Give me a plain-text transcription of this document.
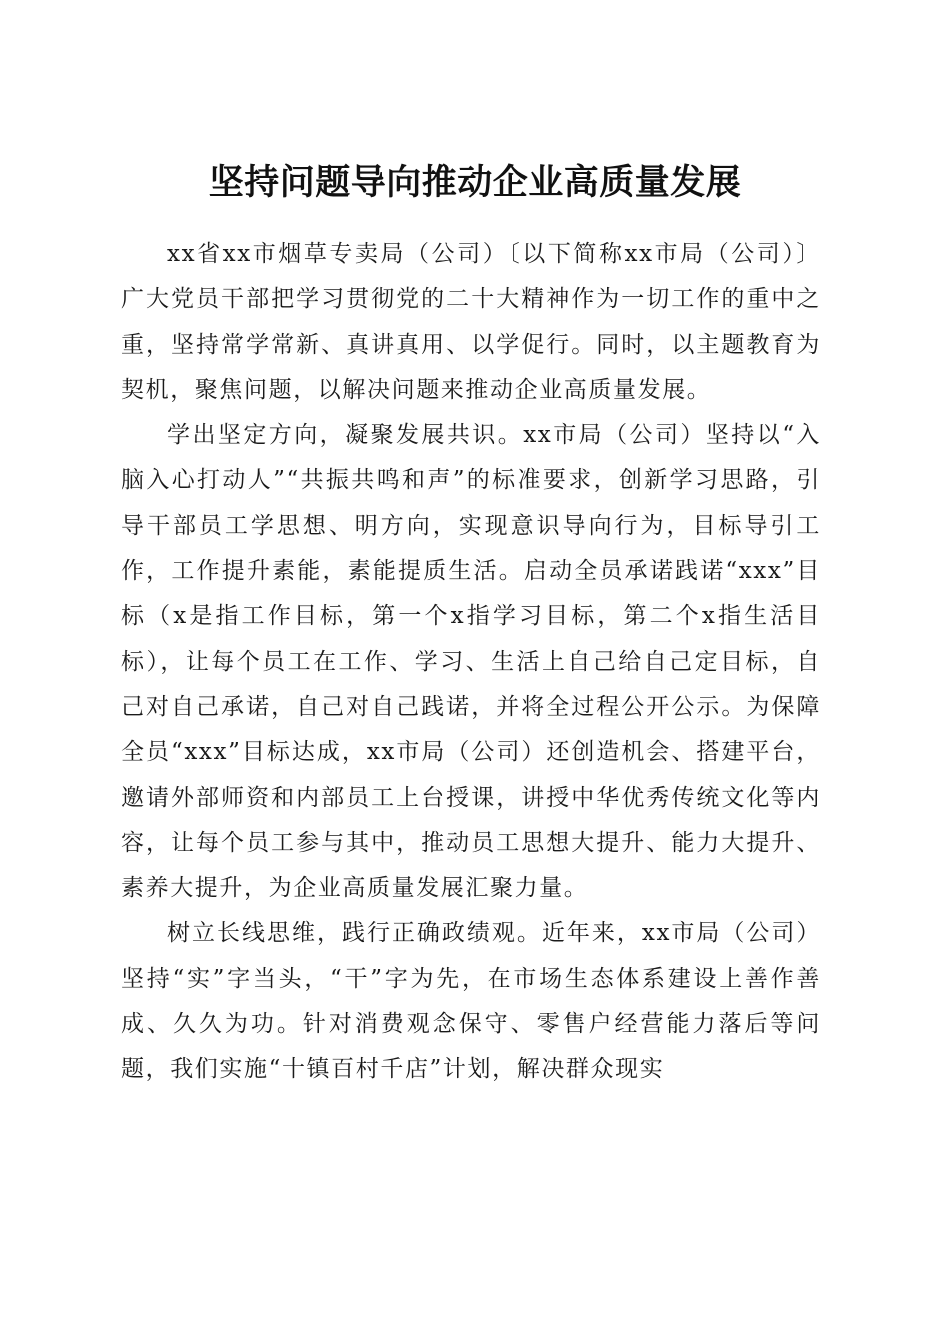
坚持问题导向推动企业高质量发展

xx省xx市烟草专卖局（公司）〔以下简称xx市局（公司）〕广大党员干部把学习贯彻党的二十大精神作为一切工作的重中之重，坚持常学常新、真讲真用、以学促行。同时，以主题教育为契机，聚焦问题，以解决问题来推动企业高质量发展。

学出坚定方向，凝聚发展共识。xx市局（公司）坚持以“入脑入心打动人”“共振共鸣和声”的标准要求，创新学习思路，引导干部员工学思想、明方向，实现意识导向行为，目标导引工作，工作提升素能，素能提质生活。启动全员承诺践诺“xxx”目标（x是指工作目标，第一个x指学习目标，第二个x指生活目标），让每个员工在工作、学习、生活上自己给自己定目标，自己对自己承诺，自己对自己践诺，并将全过程公开公示。为保障全员“xxx”目标达成，xx市局（公司）还创造机会、搭建平台，邀请外部师资和内部员工上台授课，讲授中华优秀传统文化等内容，让每个员工参与其中，推动员工思想大提升、能力大提升、素养大提升，为企业高质量发展汇聚力量。

树立长线思维，践行正确政绩观。近年来，xx市局（公司）坚持“实”字当头，“干”字为先，在市场生态体系建设上善作善成、久久为功。针对消费观念保守、零售户经营能力落后等问题，我们实施“十镇百村千店”计划，解决群众现实
